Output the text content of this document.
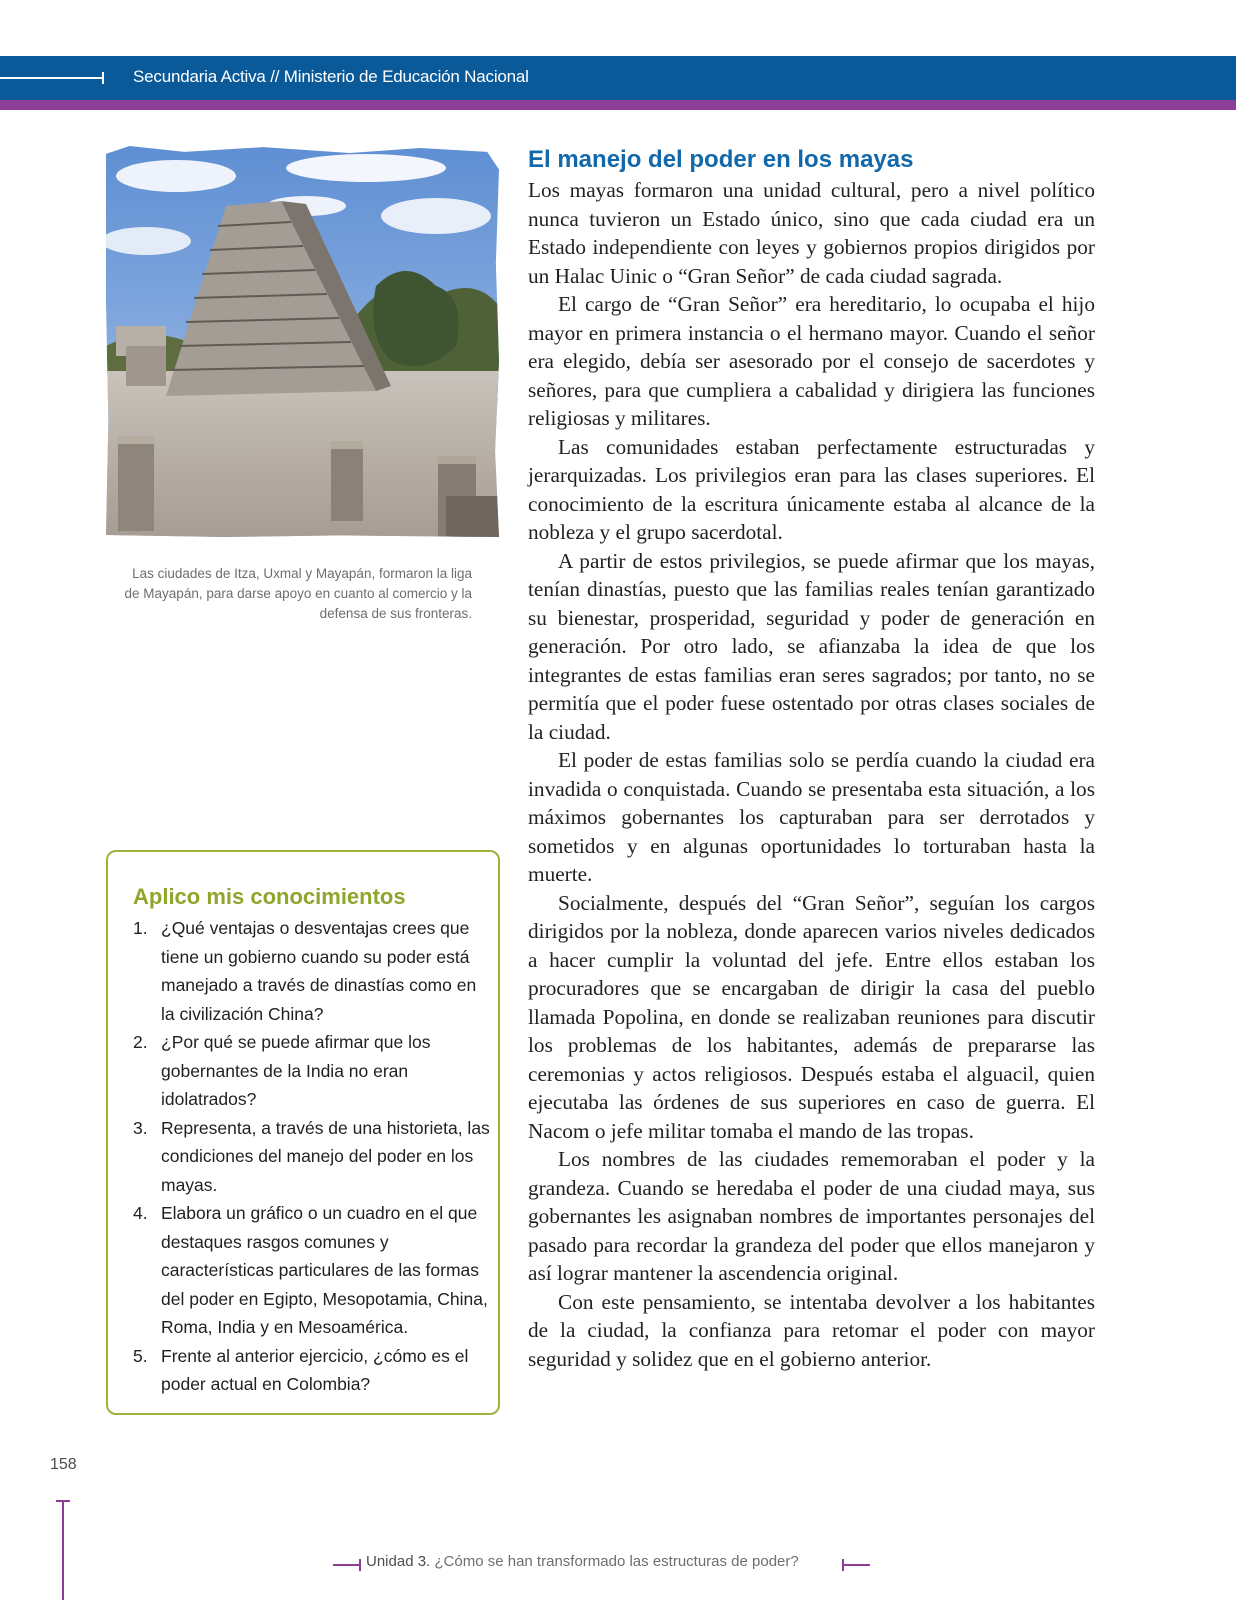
Secundaria Activa // Ministerio de Educación Nacional
Las ciudades de Itza, Uxmal y Mayapán, formaron la liga de Mayapán, para darse apoyo en cuanto al comercio y la defensa de sus fronteras.
Aplico mis conocimientos
1. ¿Qué ventajas o desventajas crees que tiene un gobierno cuando su poder está manejado a través de dinastías como en la civilización China?
2. ¿Por qué se puede afirmar que los gobernantes de la India no eran idolatrados?
3. Representa, a través de una historieta, las condiciones del manejo del poder en los mayas.
4. Elabora un gráfico o un cuadro en el que destaques rasgos comunes y características particulares de las formas del poder en Egipto, Mesopotamia, China, Roma, India y en Mesoamérica.
5. Frente al anterior ejercicio, ¿cómo es el poder actual en Colombia?
El manejo del poder en los mayas

Los mayas formaron una unidad cultural, pero a nivel político nunca tuvieron un Estado único, sino que cada ciudad era un Estado independiente con leyes y gobiernos propios dirigidos por un Halac Uinic o “Gran Señor” de cada ciudad sagrada.

El cargo de “Gran Señor” era hereditario, lo ocupaba el hijo mayor en primera instancia o el hermano mayor. Cuando el señor era elegido, debía ser asesorado por el consejo de sacerdotes y señores, para que cumpliera a cabalidad y dirigiera las funciones religiosas y militares.

Las comunidades estaban perfectamente estructuradas y jerarquizadas. Los privilegios eran para las clases superiores. El conocimiento de la escritura únicamente estaba al alcance de la nobleza y el grupo sacerdotal.

A partir de estos privilegios, se puede afirmar que los mayas, tenían dinastías, puesto que las familias reales tenían garantizado su bienestar, prosperidad, seguridad y poder de generación en generación. Por otro lado, se afianzaba la idea de que los integrantes de estas familias eran seres sagrados; por tanto, no se permitía que el poder fuese ostentado por otras clases sociales de la ciudad.

El poder de estas familias solo se perdía cuando la ciudad era invadida o conquistada. Cuando se presentaba esta situación, a los máximos gobernantes los capturaban para ser derrotados y sometidos y en algunas oportunidades lo torturaban hasta la muerte.

Socialmente, después del “Gran Señor”, seguían los cargos dirigidos por la nobleza, donde aparecen varios niveles dedicados a hacer cumplir la voluntad del jefe. Entre ellos estaban los procuradores que se encargaban de dirigir la casa del pueblo llamada Popolina, en donde se realizaban reuniones para discutir los problemas de los habitantes, además de prepararse las ceremonias y actos religiosos. Después estaba el alguacil, quien ejecutaba las órdenes de sus superiores en caso de guerra. El Nacom o jefe militar tomaba el mando de las tropas.

Los nombres de las ciudades rememoraban el poder y la grandeza. Cuando se heredaba el poder de una ciudad maya, sus gobernantes les asignaban nombres de importantes personajes del pasado para recordar la grandeza del poder que ellos manejaron y así lograr mantener la ascendencia original.

Con este pensamiento, se intentaba devolver a los habitantes de la ciudad, la confianza para retomar el poder con mayor seguridad y solidez que en el gobierno anterior.

158
Unidad 3. ¿Cómo se han transformado las estructuras de poder?
